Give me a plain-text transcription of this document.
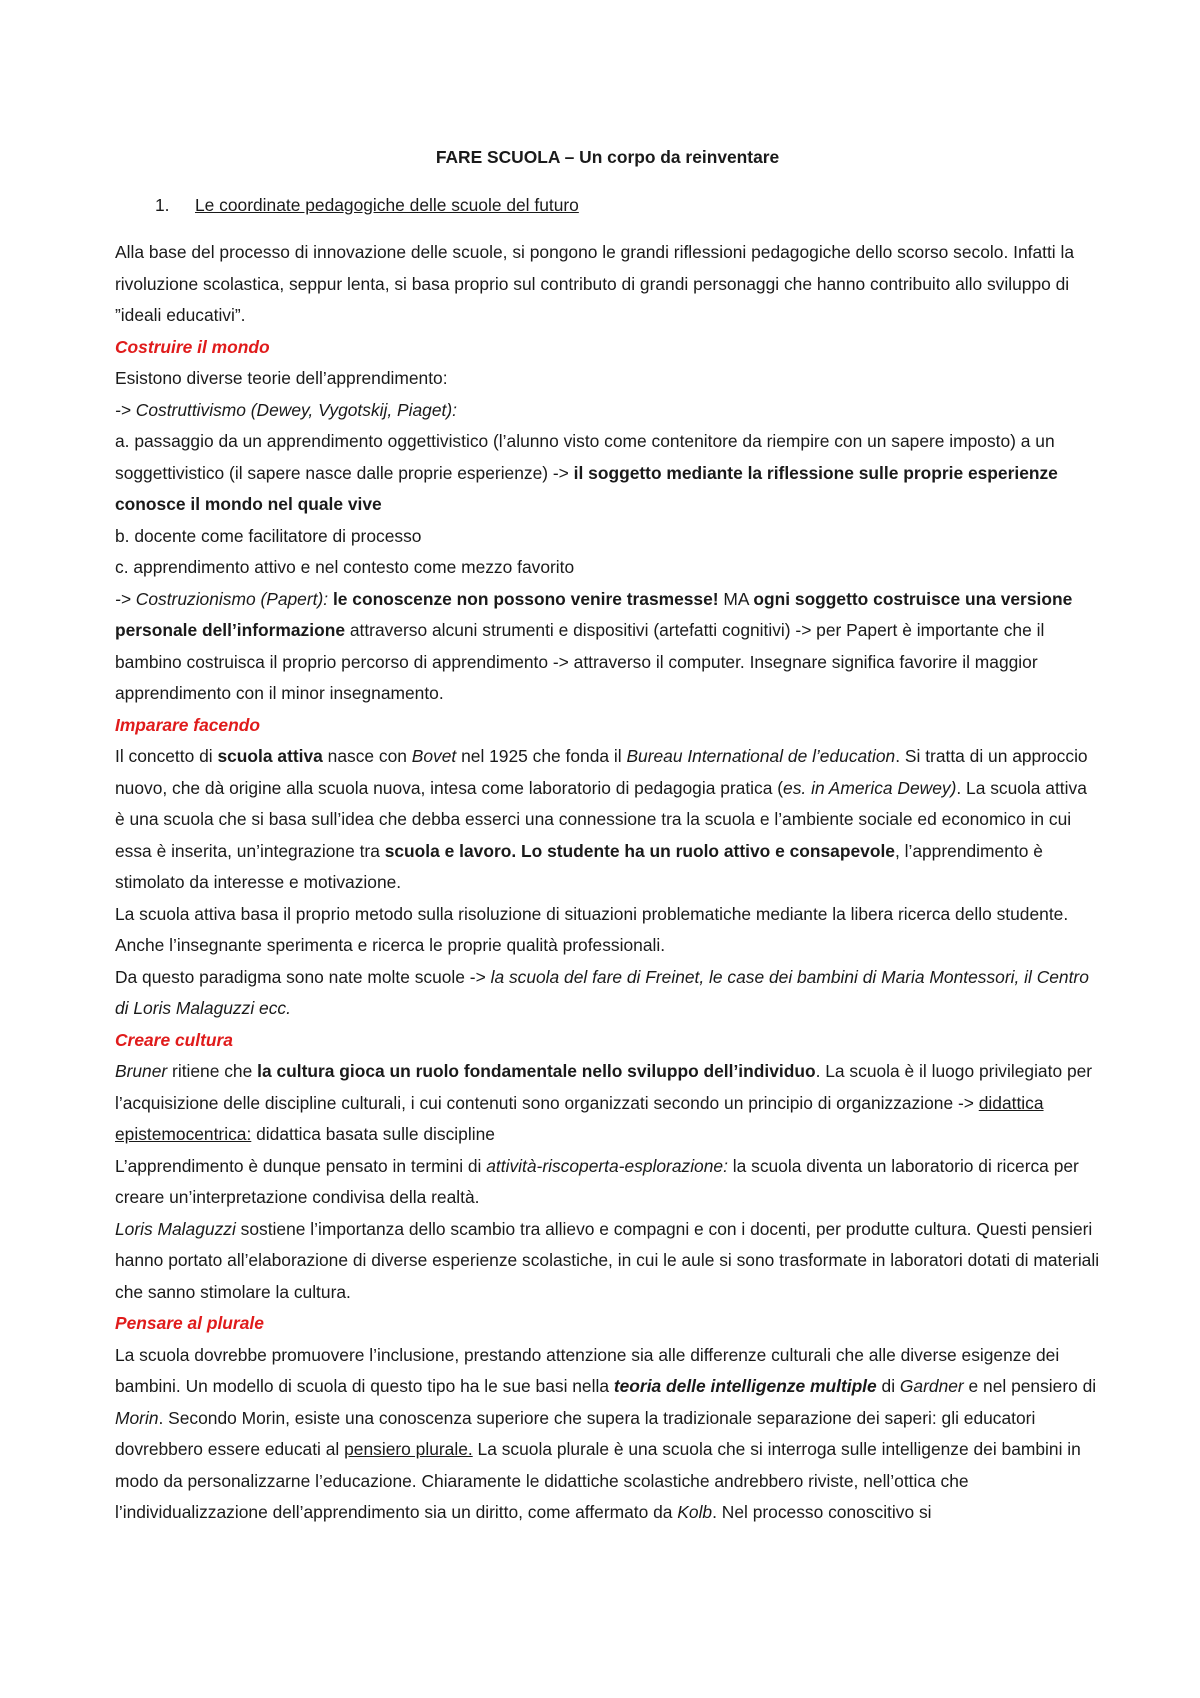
FARE SCUOLA – Un corpo da reinventare
1.	Le coordinate pedagogiche delle scuole del futuro

Alla base del processo di innovazione delle scuole, si pongono le grandi riflessioni pedagogiche dello scorso secolo. Infatti la rivoluzione scolastica, seppur lenta, si basa proprio sul contributo di grandi personaggi che hanno contribuito allo sviluppo di ”ideali educativi”.

Costruire il mondo

Esistono diverse teorie dell’apprendimento:

-> Costruttivismo (Dewey, Vygotskij, Piaget):

a. passaggio da un apprendimento oggettivistico (l’alunno visto come contenitore da riempire con un sapere imposto) a un soggettivistico (il sapere nasce dalle proprie esperienze) -> il soggetto mediante la riflessione sulle proprie esperienze conosce il mondo nel quale vive

b. docente come facilitatore di processo

c. apprendimento attivo e nel contesto come mezzo favorito

-> Costruzionismo (Papert): le conoscenze non possono venire trasmesse! MA ogni soggetto costruisce una versione personale dell’informazione attraverso alcuni strumenti e dispositivi (artefatti cognitivi) -> per Papert è importante che il bambino costruisca il proprio percorso di apprendimento -> attraverso il computer. Insegnare significa favorire il maggior apprendimento con il minor insegnamento.

Imparare facendo

Il concetto di scuola attiva nasce con Bovet nel 1925 che fonda il Bureau International de l’education. Si tratta di un approccio nuovo, che dà origine alla scuola nuova, intesa come laboratorio di pedagogia pratica (es. in America Dewey). La scuola attiva è una scuola che si basa sull’idea che debba esserci una connessione tra la scuola e l’ambiente sociale ed economico in cui essa è inserita, un’integrazione tra scuola e lavoro. Lo studente ha un ruolo attivo e consapevole, l’apprendimento è stimolato da interesse e motivazione.

La scuola attiva basa il proprio metodo sulla risoluzione di situazioni problematiche mediante la libera ricerca dello studente. Anche l’insegnante sperimenta e ricerca le proprie qualità professionali.

Da questo paradigma sono nate molte scuole -> la scuola del fare di Freinet, le case dei bambini di Maria Montessori, il Centro di Loris Malaguzzi ecc.

Creare cultura

Bruner ritiene che la cultura gioca un ruolo fondamentale nello sviluppo dell’individuo. La scuola è il luogo privilegiato per l’acquisizione delle discipline culturali, i cui contenuti sono organizzati secondo un principio di organizzazione -> didattica epistemocentrica: didattica basata sulle discipline

L’apprendimento è dunque pensato in termini di attività-riscoperta-esplorazione: la scuola diventa un laboratorio di ricerca per creare un’interpretazione condivisa della realtà.

Loris Malaguzzi sostiene l’importanza dello scambio tra allievo e compagni e con i docenti, per produtte cultura. Questi pensieri hanno portato all’elaborazione di diverse esperienze scolastiche, in cui le aule si sono trasformate in laboratori dotati di materiali che sanno stimolare la cultura.

Pensare al plurale

La scuola dovrebbe promuovere l’inclusione, prestando attenzione sia alle differenze culturali che alle diverse esigenze dei bambini. Un modello di scuola di questo tipo ha le sue basi nella teoria delle intelligenze multiple di Gardner e nel pensiero di Morin. Secondo Morin, esiste una conoscenza superiore che supera la tradizionale separazione dei saperi: gli educatori dovrebbero essere educati al pensiero plurale. La scuola plurale è una scuola che si interroga sulle intelligenze dei bambini in modo da personalizzarne l’educazione. Chiaramente le didattiche scolastiche andrebbero riviste, nell’ottica che l’individualizzazione dell’apprendimento sia un diritto, come affermato da Kolb. Nel processo conoscitivo si
